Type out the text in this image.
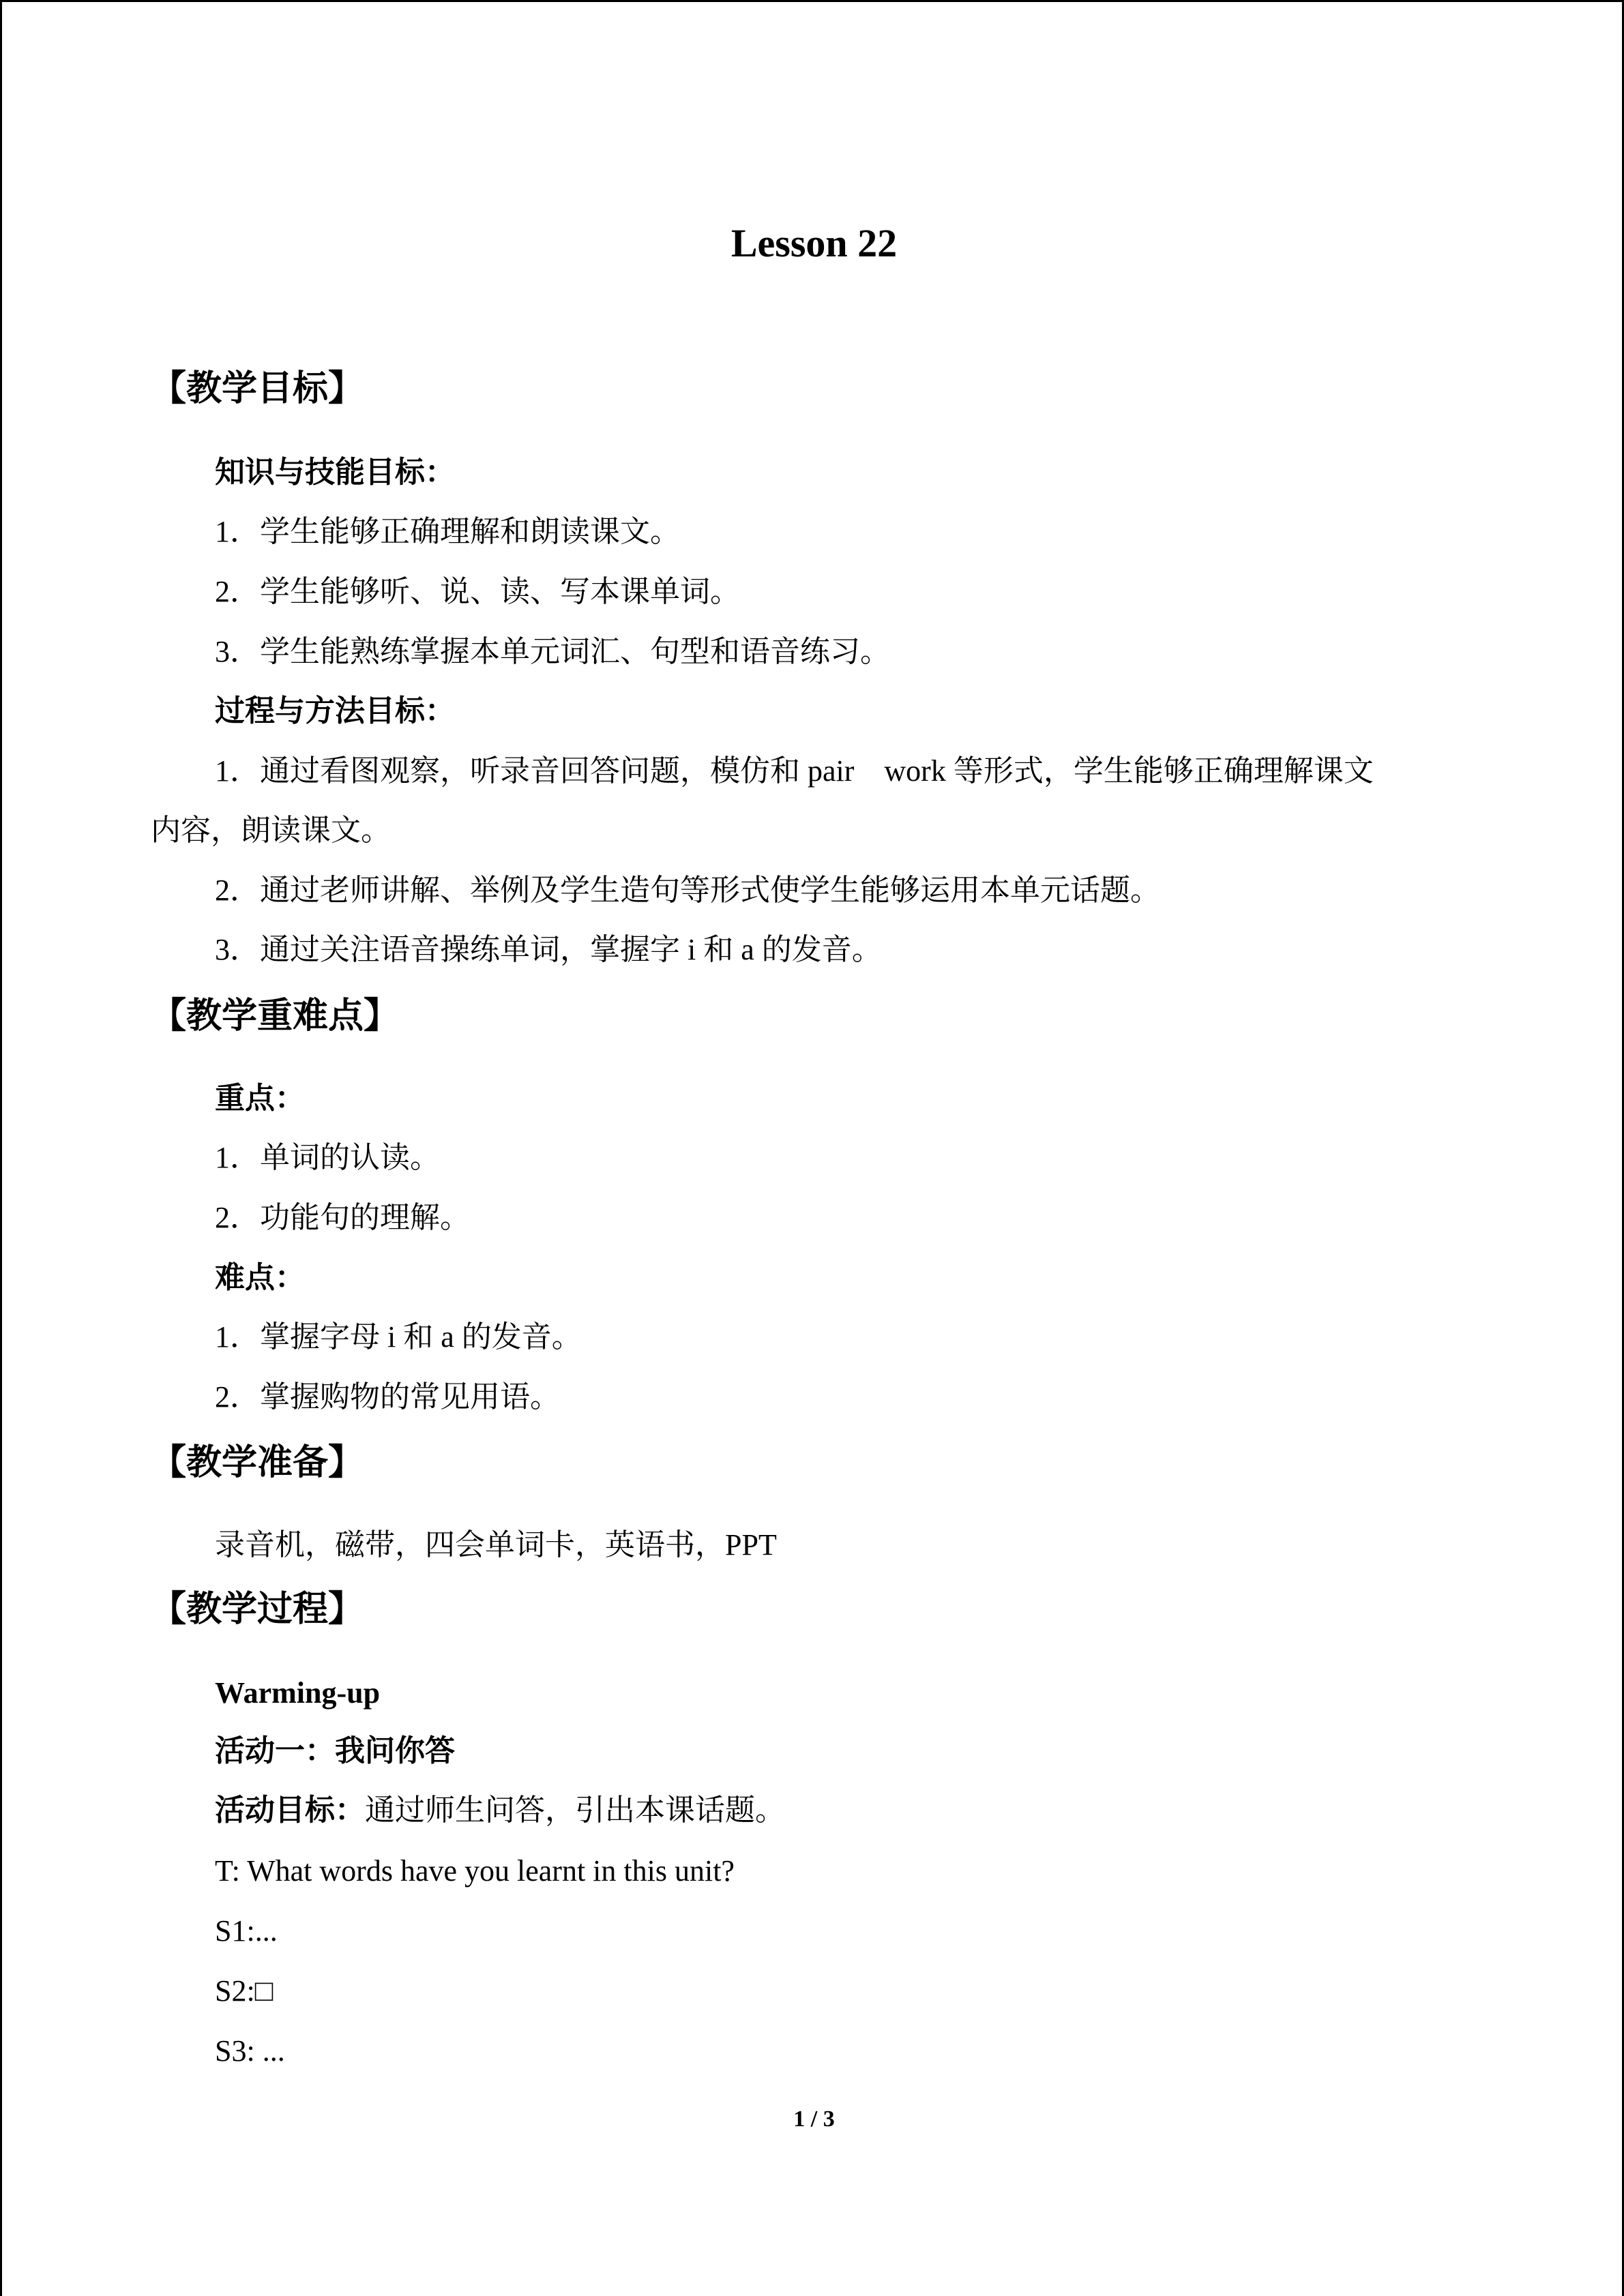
Lesson 22
【教学目标】
知识与技能目标：
1．学生能够正确理解和朗读课文。
2．学生能够听、说、读、写本课单词。
3．学生能熟练掌握本单元词汇、句型和语音练习。
过程与方法目标：
1．通过看图观察，听录音回答问题，模仿和 pair　work 等形式，学生能够正确理解课文
内容，朗读课文。
2．通过老师讲解、举例及学生造句等形式使学生能够运用本单元话题。
3．通过关注语音操练单词，掌握字 i 和 a 的发音。
【教学重难点】
重点：
1．单词的认读。
2．功能句的理解。
难点：
1．掌握字母 i 和 a 的发音。
2．掌握购物的常见用语。
【教学准备】
录音机，磁带，四会单词卡，英语书，PPT
【教学过程】
Warming-up
活动一：我问你答
活动目标：通过师生问答，引出本课话题。
T: What words have you learnt in this unit?
S1:...
S2:□
S3: ...
1 / 3
